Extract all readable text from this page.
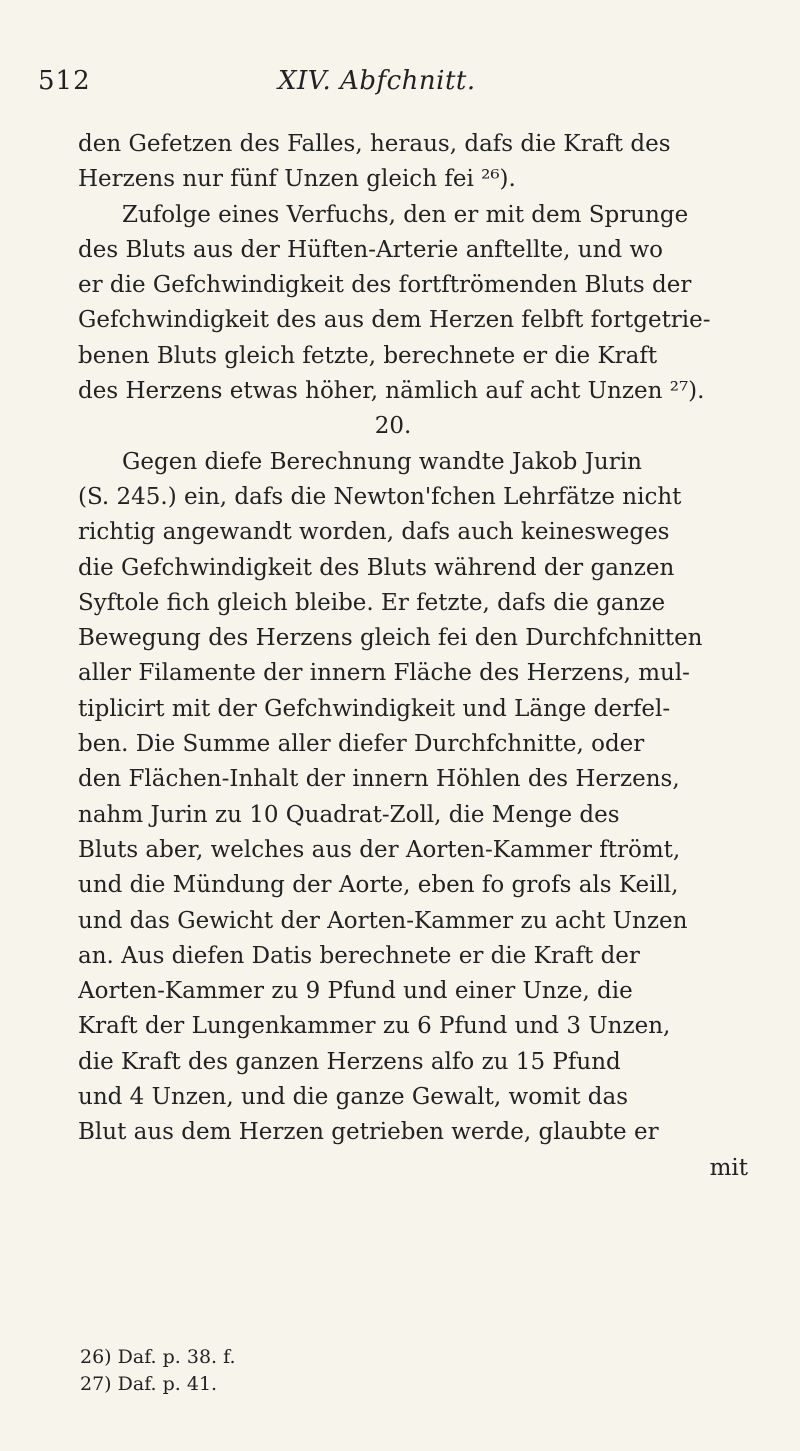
512	XIV. Abfchnitt.
den Gefetzen des Falles, heraus, dafs die Kraft des
Herzens nur fünf Unzen gleich fei ²⁶).
Zufolge eines Verfuchs, den er mit dem Sprunge
des Bluts aus der Hüften-Arterie anftellte, und wo
er die Gefchwindigkeit des fortftrömenden Bluts der
Gefchwindigkeit des aus dem Herzen felbft fortgetrie-
benen Bluts gleich fetzte, berechnete er die Kraft
des Herzens etwas höher, nämlich auf acht Unzen ²⁷).
20.
Gegen diefe Berechnung wandte Jakob Jurin
(S. 245.) ein, dafs die Newton'fchen Lehrfätze nicht
richtig angewandt worden, dafs auch keinesweges
die Gefchwindigkeit des Bluts während der ganzen
Syftole fich gleich bleibe. Er fetzte, dafs die ganze
Bewegung des Herzens gleich fei den Durchfchnitten
aller Filamente der innern Fläche des Herzens, mul-
tiplicirt mit der Gefchwindigkeit und Länge derfel-
ben. Die Summe aller diefer Durchfchnitte, oder
den Flächen-Inhalt der innern Höhlen des Herzens,
nahm Jurin zu 10 Quadrat-Zoll, die Menge des
Bluts aber, welches aus der Aorten-Kammer ftrömt,
und die Mündung der Aorte, eben fo grofs als Keill,
und das Gewicht der Aorten-Kammer zu acht Unzen
an. Aus diefen Datis berechnete er die Kraft der
Aorten-Kammer zu 9 Pfund und einer Unze, die
Kraft der Lungenkammer zu 6 Pfund und 3 Unzen,
die Kraft des ganzen Herzens alfo zu 15 Pfund
und 4 Unzen, und die ganze Gewalt, womit das
Blut aus dem Herzen getrieben werde, glaubte er
mit
26) Daf. p. 38. f.
27) Daf. p. 41.
